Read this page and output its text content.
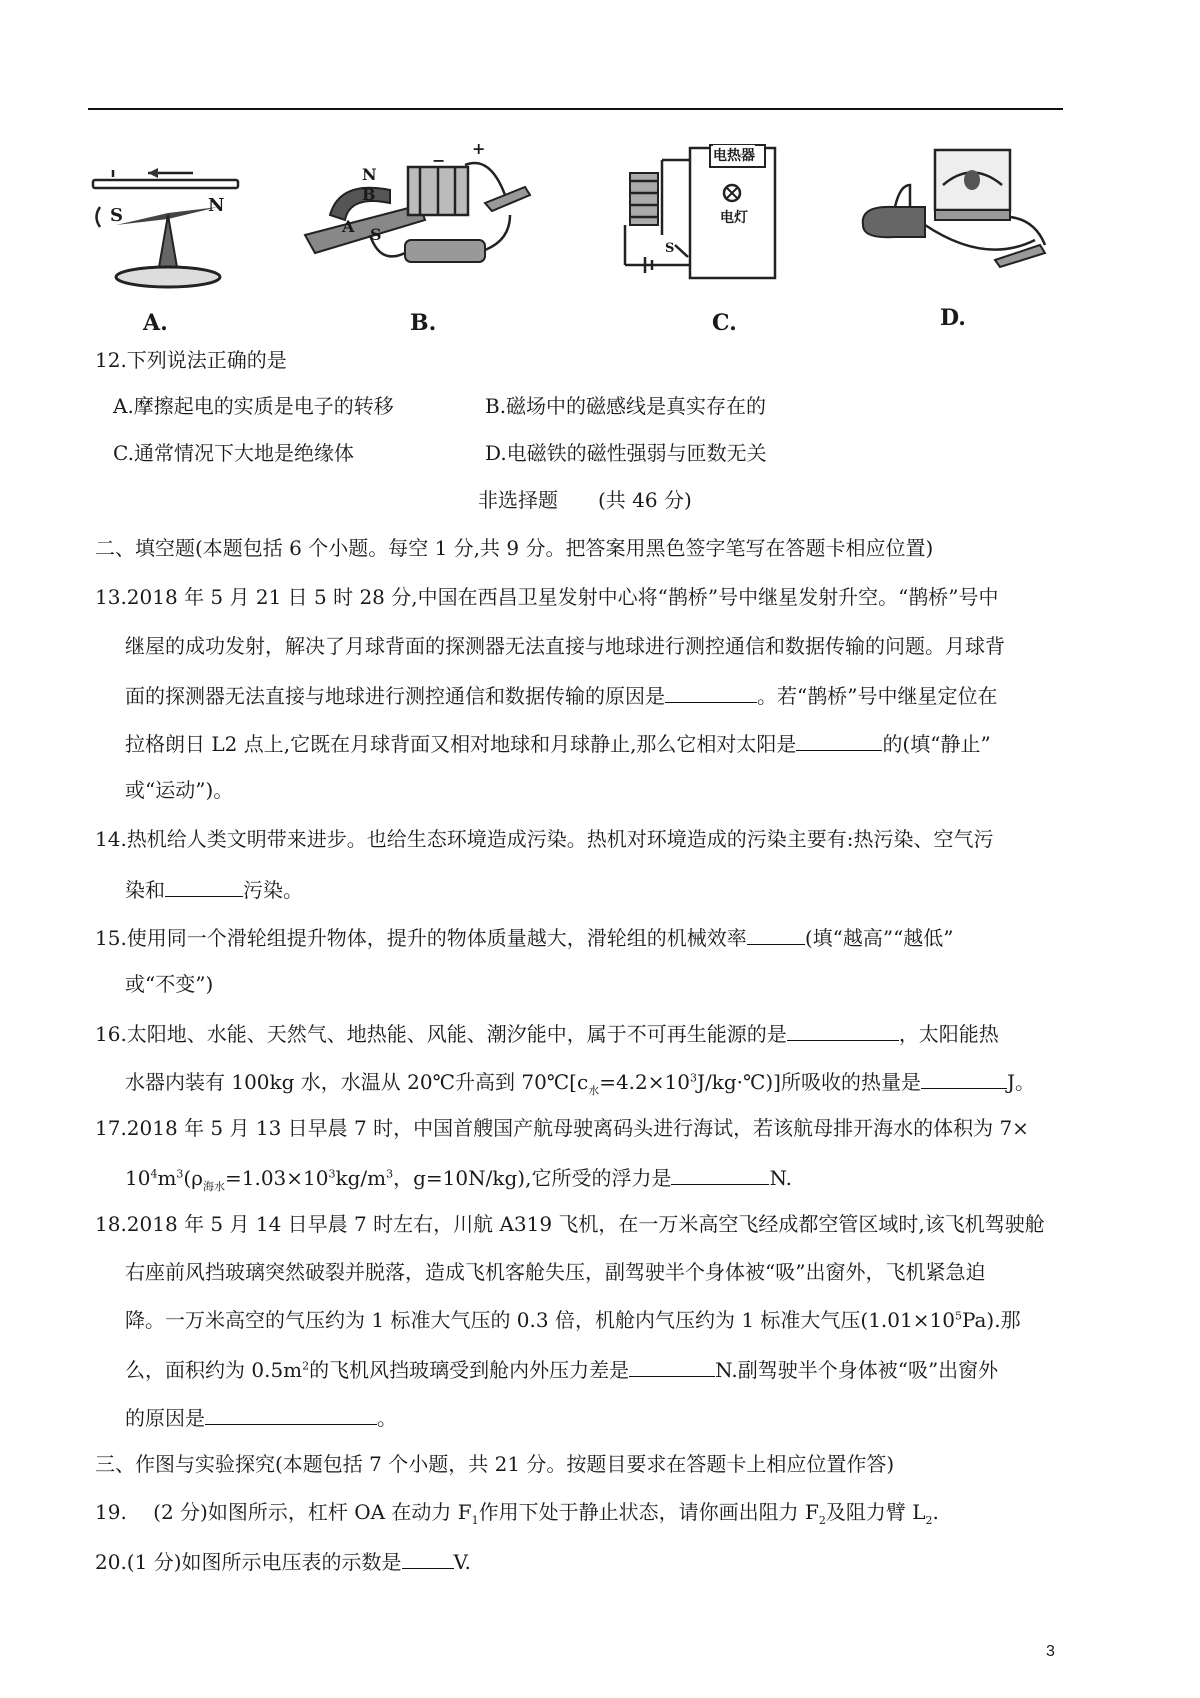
S	N
A.
N
B
A S
−
+
B.
电热器
电灯
S
C.	D.
12.下列说法正确的是
A.摩擦起电的实质是电子的转移	B.磁场中的磁感线是真实存在的
C.通常情况下大地是绝缘体	D.电磁铁的磁性强弱与匝数无关
非选择题　　(共 46 分)
二、填空题(本题包括 6 个小题。每空 1 分,共 9 分。把答案用黑色签字笔写在答题卡相应位置)
13.2018 年 5 月 21 日 5 时 28 分,中国在西昌卫星发射中心将“鹊桥”号中继星发射升空。“鹊桥”号中
继屋的成功发射，解决了月球背面的探测器无法直接与地球进行测控通信和数据传输的问题。月球背
面的探测器无法直接与地球进行测控通信和数据传输的原因是	。若“鹊桥”号中继星定位在
拉格朗日 L2 点上,它既在月球背面又相对地球和月球静止,那么它相对太阳是	的(填“静止”
或“运动”)。
14.热机给人类文明带来进步。也给生态环境造成污染。热机对环境造成的污染主要有:热污染、空气污
染和	污染。
15.使用同一个滑轮组提升物体，提升的物体质量越大，滑轮组的机械效率	(填“越高”“越低”
或“不变”)
16.太阳地、水能、天然气、地热能、风能、潮汐能中，属于不可再生能源的是	，太阳能热
水器内装有 100kg 水，水温从 20℃升高到 $70℃[c_水=4.2\times 10^3J/kg\cdot℃)$]所吸收的热量是	J。
17.2018 年 5 月 13 日早晨 7 时，中国首艘国产航母驶离码头进行海试，若该航母排开海水的体积为 7×
$10^4m^3(\rho_{海水}=1.03\times 10^3kg/m^3$，g=10N/kg),它所受的浮力是	N.
18.2018 年 5 月 14 日早晨 7 时左右，川航 A319 飞机，在一万米高空飞经成都空管区域时,该飞机驾驶舱
右座前风挡玻璃突然破裂并脱落，造成飞机客舱失压，副驾驶半个身体被“吸”出窗外，飞机紧急迫
降。一万米高空的气压约为 1 标准大气压的 0.3 倍，机舱内气压约为 1 标准大气压$(1.01\times 10^5Pa)$.那
么，面积约为 $0.5m^2$的飞机风挡玻璃受到舱内外压力差是	N.副驾驶半个身体被“吸”出窗外
的原因是	。
三、作图与实验探究(本题包括 7 个小题，共 21 分。按题目要求在答题卡上相应位置作答)
19.　 (2 分)如图所示，杠杆 OA 在动力 $F_1$作用下处于静止状态，请你画出阻力 $F_2$及阻力臂 $L_2$.
20.(1 分)如图所示电压表的示数是	V.
3
